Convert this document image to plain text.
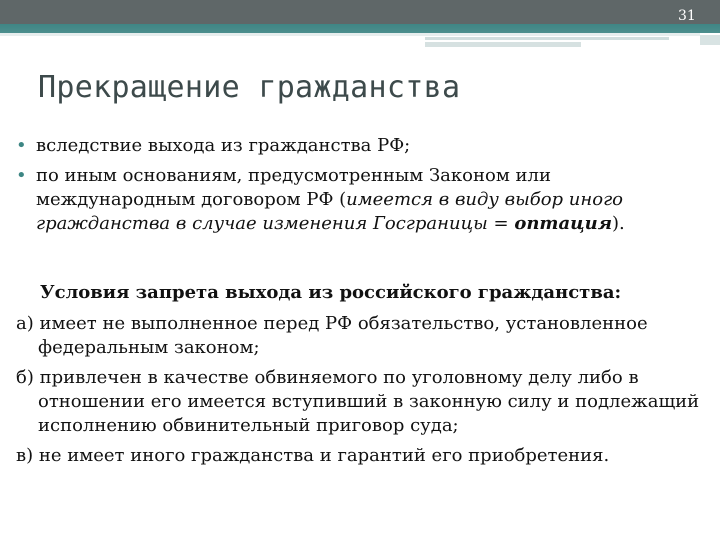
31
Прекращение гражданства
• вследствие выхода из гражданства РФ;
• по иным основаниям, предусмотренным Законом или международным договором РФ (имеется в виду выбор иного гражданства в случае изменения Госграницы = оптация).
Условия запрета выхода из российского гражданства:
а) имеет не выполненное перед РФ обязательство, установленное федеральным законом;
б) привлечен в качестве обвиняемого по уголовному делу либо в отношении его имеется вступивший в законную силу и подлежащий исполнению обвинительный приговор суда;
в) не имеет иного гражданства и гарантий его приобретения.
